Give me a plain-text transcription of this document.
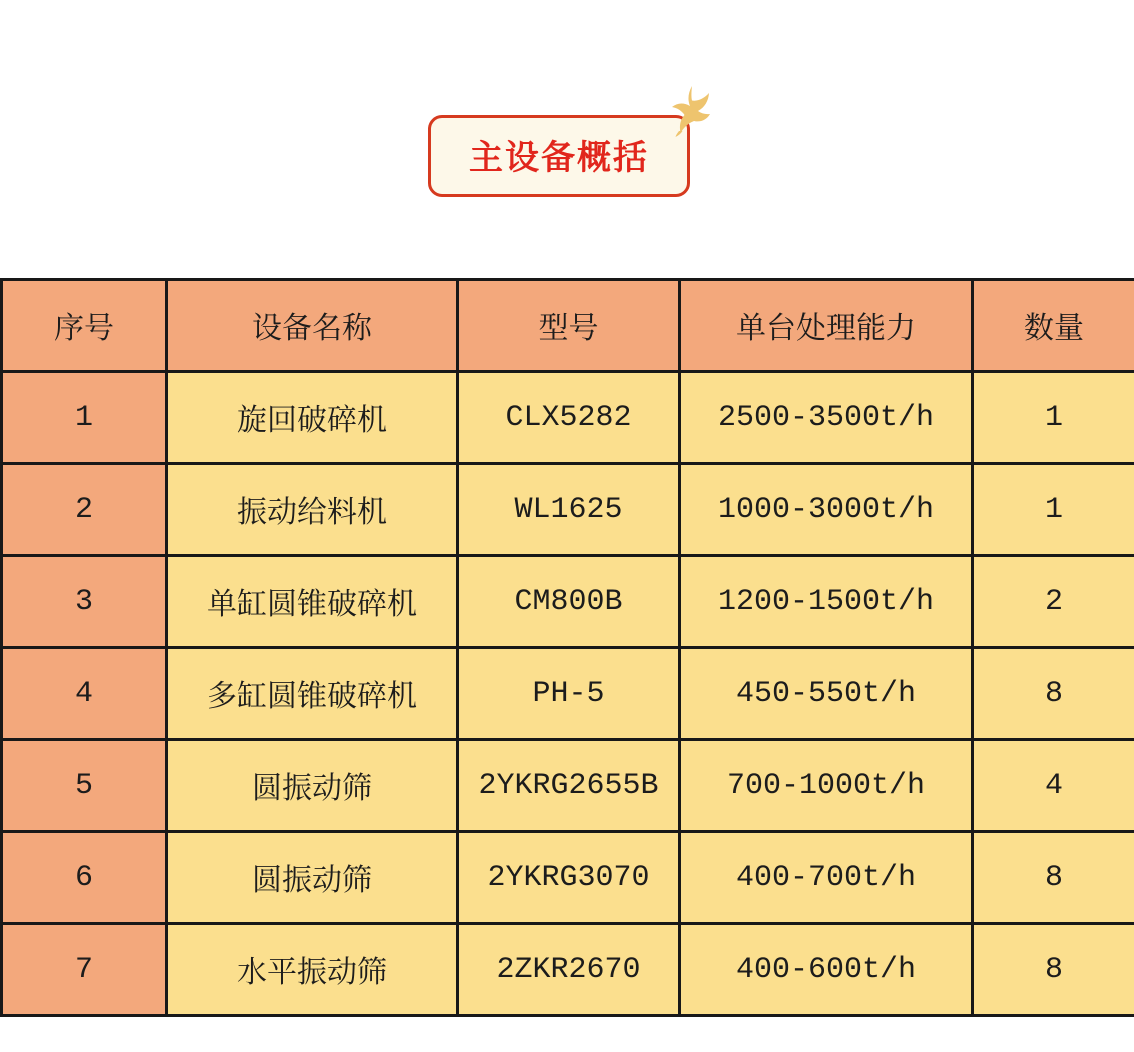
主设备概括
序号	设备名称	型号	单台处理能力	数量
1	旋回破碎机	CLX5282	2500-3500t/h	1
2	振动给料机	WL1625	1000-3000t/h	1
3	单缸圆锥破碎机	CM800B	1200-1500t/h	2
4	多缸圆锥破碎机	PH-5	450-550t/h	8
5	圆振动筛	2YKRG2655B	700-1000t/h	4
6	圆振动筛	2YKRG3070	400-700t/h	8
7	水平振动筛	2ZKR2670	400-600t/h	8
